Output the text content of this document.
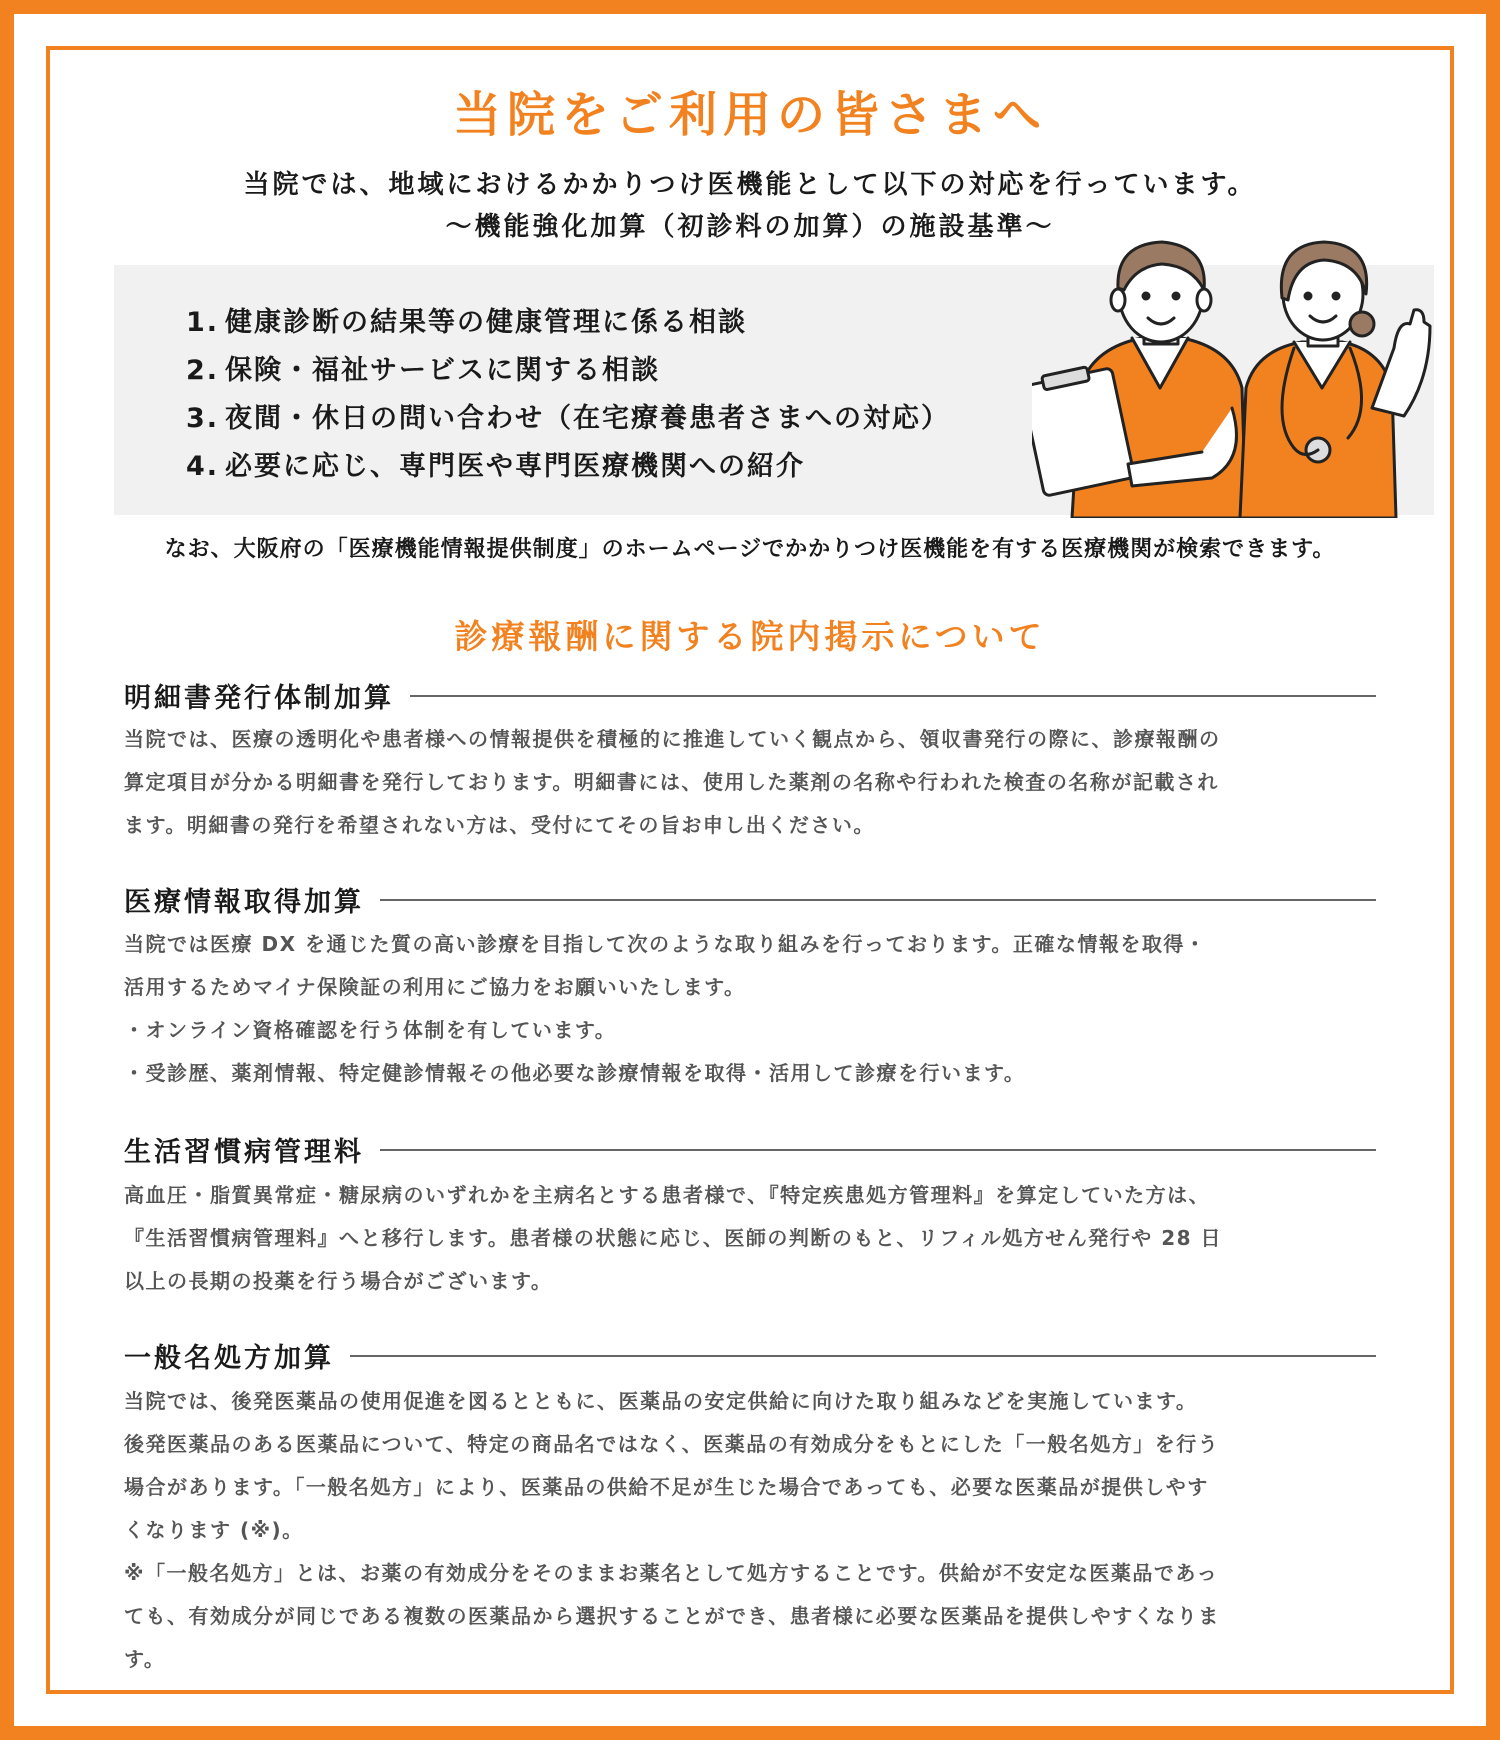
当院をご利用の皆さまへ
当院では、地域におけるかかりつけ医機能として以下の対応を行っています。
〜機能強化加算（初診料の加算）の施設基準〜
1. 健康診断の結果等の健康管理に係る相談
2. 保険・福祉サービスに関する相談
3. 夜間・休日の問い合わせ（在宅療養患者さまへの対応）
4. 必要に応じ、専門医や専門医療機関への紹介
なお、大阪府の「医療機能情報提供制度」のホームページでかかりつけ医機能を有する医療機関が検索できます。
診療報酬に関する院内掲示について
明細書発行体制加算

当院では、医療の透明化や患者様への情報提供を積極的に推進していく観点から、領収書発行の際に、診療報酬の

算定項目が分かる明細書を発行しております。明細書には、使用した薬剤の名称や行われた検査の名称が記載され

ます。明細書の発行を希望されない方は、受付にてその旨お申し出ください。

医療情報取得加算

当院では医療 DX を通じた質の高い診療を目指して次のような取り組みを行っております。正確な情報を取得・

活用するためマイナ保険証の利用にご協力をお願いいたします。

・オンライン資格確認を行う体制を有しています。

・受診歴、薬剤情報、特定健診情報その他必要な診療情報を取得・活用して診療を行います。

生活習慣病管理料

高血圧・脂質異常症・糖尿病のいずれかを主病名とする患者様で、『特定疾患処方管理料』を算定していた方は、

『生活習慣病管理料』へと移行します。患者様の状態に応じ、医師の判断のもと、リフィル処方せん発行や 28 日

以上の長期の投薬を行う場合がございます。

一般名処方加算

当院では、後発医薬品の使用促進を図るとともに、医薬品の安定供給に向けた取り組みなどを実施しています。

後発医薬品のある医薬品について、特定の商品名ではなく、医薬品の有効成分をもとにした「一般名処方」を行う

場合があります。「一般名処方」により、医薬品の供給不足が生じた場合であっても、必要な医薬品が提供しやす

くなります (※)。

※「一般名処方」とは、お薬の有効成分をそのままお薬名として処方することです。供給が不安定な医薬品であっ

ても、有効成分が同じである複数の医薬品から選択することができ、患者様に必要な医薬品を提供しやすくなりま

す。
